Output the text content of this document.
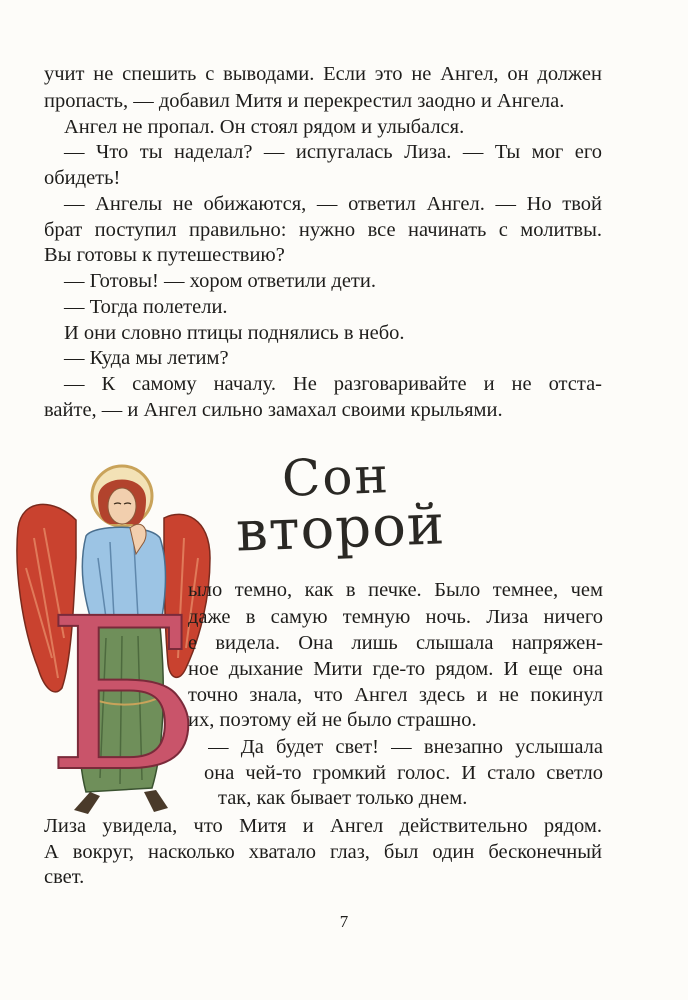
учит не спешить с выводами. Если это не Ангел, он должен
пропасть, — добавил Митя и перекрестил заодно и Ангела.
Ангел не пропал. Он стоял рядом и улыбался.
— Что ты наделал? — испугалась Лиза. — Ты мог его
обидеть!
— Ангелы не обижаются, — ответил Ангел. — Но твой
брат поступил правильно: нужно все начинать с молитвы.
Вы готовы к путешествию?
— Готовы! — хором ответили дети.
— Тогда полетели.
И они словно птицы поднялись в небо.
— Куда мы летим?
— К самому началу. Не разговаривайте и не отста-
вайте, — и Ангел сильно замахал своими крыльями.
Сон
второй
Б
ыло темно, как в печке. Было темнее, чем
даже в самую темную ночь. Лиза ничего
е видела. Она лишь слышала напряжен-
ное дыхание Мити где-то рядом. И еще она
точно знала, что Ангел здесь и не покинул
их, поэтому ей не было страшно.
— Да будет свет! — внезапно услышала
она чей-то громкий голос. И стало светло
так, как бывает только днем.
Лиза увидела, что Митя и Ангел действительно рядом.
А вокруг, насколько хватало глаз, был один бесконечный
свет.
7
